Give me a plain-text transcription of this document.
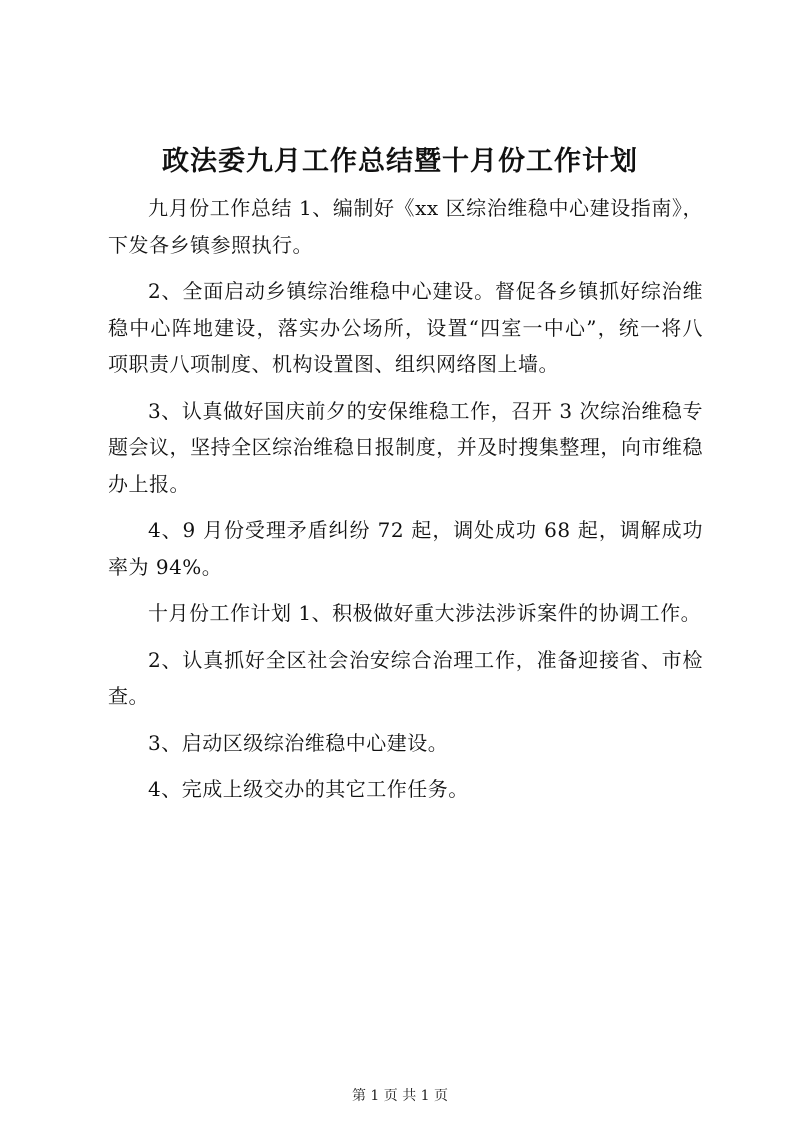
政法委九月工作总结暨十月份工作计划

九月份工作总结 1、编制好《xx 区综治维稳中心建设指南》，下发各乡镇参照执行。

2、全面启动乡镇综治维稳中心建设。督促各乡镇抓好综治维稳中心阵地建设，落实办公场所，设置“四室一中心”，统一将八项职责八项制度、机构设置图、组织网络图上墙。

3、认真做好国庆前夕的安保维稳工作，召开 3 次综治维稳专题会议，坚持全区综治维稳日报制度，并及时搜集整理，向市维稳办上报。

4、9 月份受理矛盾纠纷 72 起，调处成功 68 起，调解成功率为 94%。

十月份工作计划 1、积极做好重大涉法涉诉案件的协调工作。

2、认真抓好全区社会治安综合治理工作，准备迎接省、市检查。

3、启动区级综治维稳中心建设。

4、完成上级交办的其它工作任务。

第 1 页 共 1 页
